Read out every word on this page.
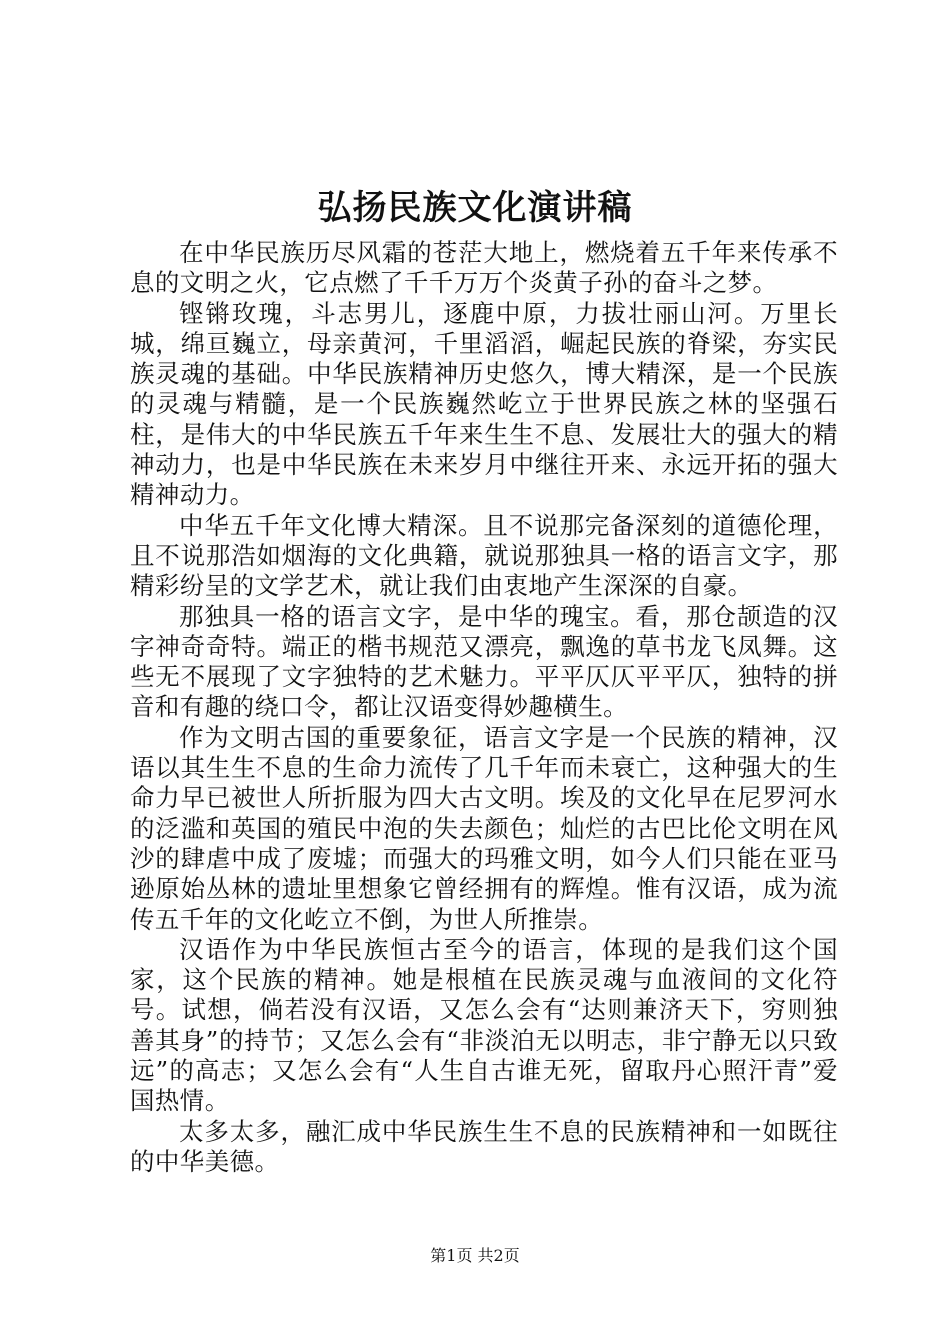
弘扬民族文化演讲稿

在中华民族历尽风霜的苍茫大地上，燃烧着五千年来传承不息的文明之火，它点燃了千千万万个炎黄子孙的奋斗之梦。

铿锵玫瑰，斗志男儿，逐鹿中原，力拔壮丽山河。万里长城，绵亘巍立，母亲黄河，千里滔滔，崛起民族的脊梁，夯实民族灵魂的基础。中华民族精神历史悠久，博大精深，是一个民族的灵魂与精髓，是一个民族巍然屹立于世界民族之林的坚强石柱，是伟大的中华民族五千年来生生不息、发展壮大的强大的精神动力，也是中华民族在未来岁月中继往开来、永远开拓的强大精神动力。

中华五千年文化博大精深。且不说那完备深刻的道德伦理，且不说那浩如烟海的文化典籍，就说那独具一格的语言文字，那精彩纷呈的文学艺术，就让我们由衷地产生深深的自豪。

那独具一格的语言文字，是中华的瑰宝。看，那仓颉造的汉字神奇奇特。端正的楷书规范又漂亮，飘逸的草书龙飞凤舞。这些无不展现了文字独特的艺术魅力。平平仄仄平平仄，独特的拼音和有趣的绕口令，都让汉语变得妙趣横生。

作为文明古国的重要象征，语言文字是一个民族的精神，汉语以其生生不息的生命力流传了几千年而未衰亡，这种强大的生命力早已被世人所折服为四大古文明。埃及的文化早在尼罗河水的泛滥和英国的殖民中泡的失去颜色；灿烂的古巴比伦文明在风沙的肆虐中成了废墟；而强大的玛雅文明，如今人们只能在亚马逊原始丛林的遗址里想象它曾经拥有的辉煌。惟有汉语，成为流传五千年的文化屹立不倒，为世人所推崇。

汉语作为中华民族恒古至今的语言，体现的是我们这个国家，这个民族的精神。她是根植在民族灵魂与血液间的文化符号。试想，倘若没有汉语，又怎么会有“达则兼济天下，穷则独善其身”的持节；又怎么会有“非淡泊无以明志，非宁静无以只致远”的高志；又怎么会有“人生自古谁无死，留取丹心照汗青”爱国热情。

太多太多，融汇成中华民族生生不息的民族精神和一如既往的中华美德。

第1页 共2页
